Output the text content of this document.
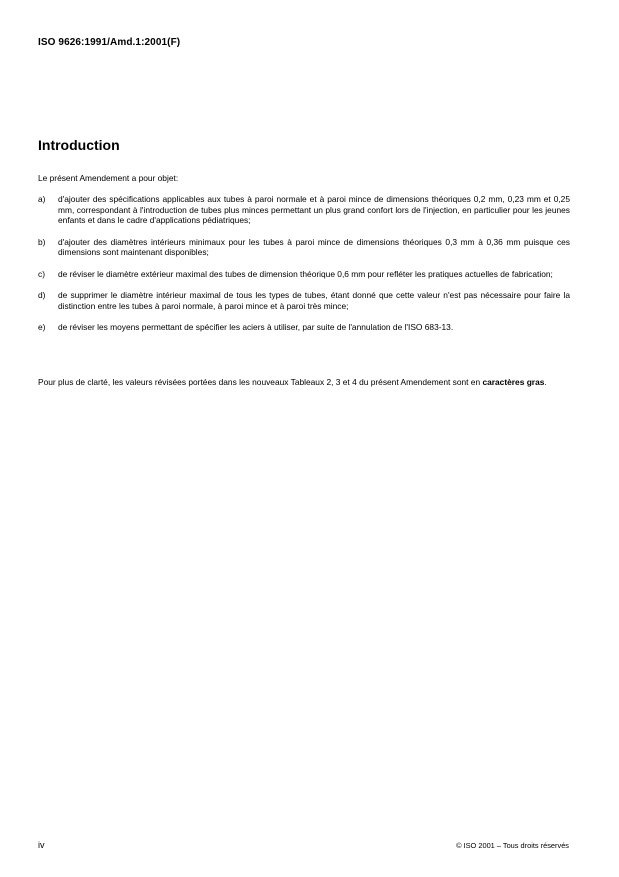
ISO 9626:1991/Amd.1:2001(F)
Introduction
Le présent Amendement a pour objet:
a) d'ajouter des spécifications applicables aux tubes à paroi normale et à paroi mince de dimensions théoriques 0,2 mm, 0,23 mm et 0,25 mm, correspondant à l'introduction de tubes plus minces permettant un plus grand confort lors de l'injection, en particulier pour les jeunes enfants et dans le cadre d'applications pédiatriques;
b) d'ajouter des diamètres intérieurs minimaux pour les tubes à paroi mince de dimensions théoriques 0,3 mm à 0,36 mm puisque ces dimensions sont maintenant disponibles;
c) de réviser le diamètre extérieur maximal des tubes de dimension théorique 0,6 mm pour refléter les pratiques actuelles de fabrication;
d) de supprimer le diamètre intérieur maximal de tous les types de tubes, étant donné que cette valeur n'est pas nécessaire pour faire la distinction entre les tubes à paroi normale, à paroi mince et à paroi très mince;
e) de réviser les moyens permettant de spécifier les aciers à utiliser, par suite de l'annulation de l'ISO 683-13.
Pour plus de clarté, les valeurs révisées portées dans les nouveaux Tableaux 2, 3 et 4 du présent Amendement sont en caractères gras.
iv	© ISO 2001 – Tous droits réservés
